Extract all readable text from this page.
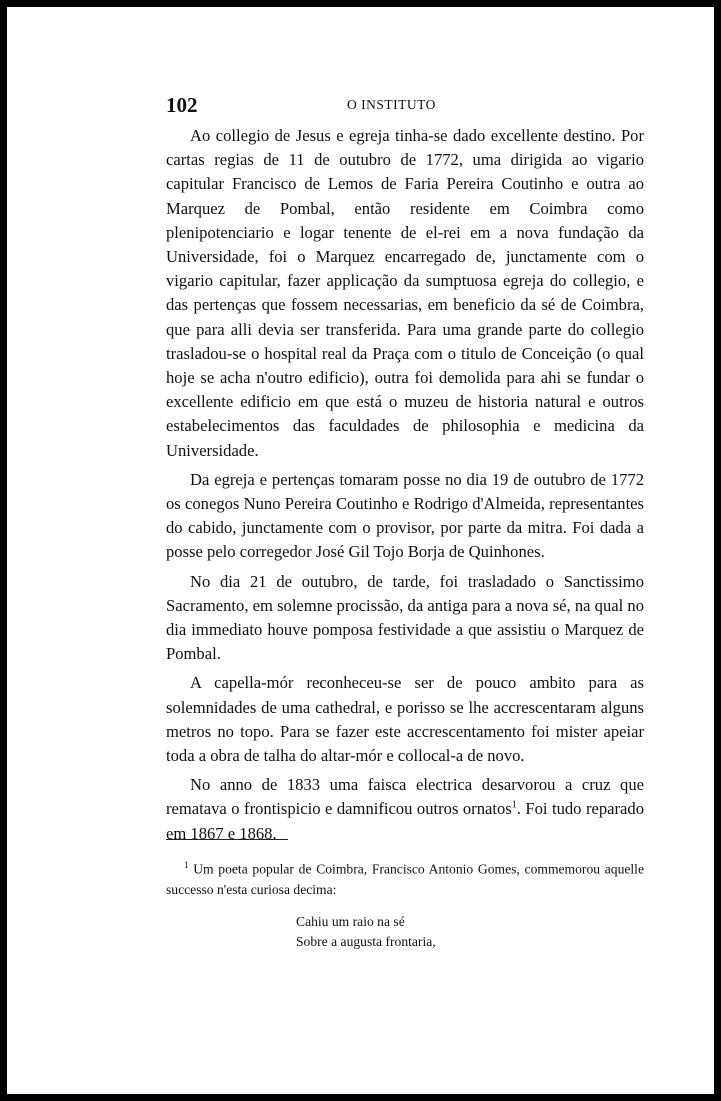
102	O INSTITUTO

Ao collegio de Jesus e egreja tinha-se dado excellente destino. Por cartas regias de 11 de outubro de 1772, uma dirigida ao vigario capitular Francisco de Lemos de Faria Pereira Coutinho e outra ao Marquez de Pombal, então residente em Coimbra como plenipotenciario e logar tenente de el-rei em a nova fundação da Universidade, foi o Marquez encarregado de, junctamente com o vigario capitular, fazer applicação da sumptuosa egreja do collegio, e das pertenças que fossem necessarias, em beneficio da sé de Coimbra, que para alli devia ser transferida. Para uma grande parte do collegio trasladou-se o hospital real da Praça com o titulo de Conceição (o qual hoje se acha n'outro edificio), outra foi demolida para ahi se fundar o excellente edificio em que está o muzeu de historia natural e outros estabelecimentos das faculdades de philosophia e medicina da Universidade.

Da egreja e pertenças tomaram posse no dia 19 de outubro de 1772 os conegos Nuno Pereira Coutinho e Rodrigo d'Almeida, representantes do cabido, junctamente com o provisor, por parte da mitra. Foi dada a posse pelo corregedor José Gil Tojo Borja de Quinhones.

No dia 21 de outubro, de tarde, foi trasladado o Sanctissimo Sacramento, em solemne procissão, da antiga para a nova sé, na qual no dia immediato houve pomposa festividade a que assistiu o Marquez de Pombal.

A capella-mór reconheceu-se ser de pouco ambito para as solemnidades de uma cathedral, e porisso se lhe accrescentaram alguns metros no topo. Para se fazer este accrescentamento foi mister apeiar toda a obra de talha do altar-mór e collocal-a de novo.

No anno de 1833 uma faisca electrica desarvorou a cruz que rematava o frontispicio e damnificou outros ornatos$^1$. Foi tudo reparado em 1867 e 1868.

$^1$ Um poeta popular de Coimbra, Francisco Antonio Gomes, commemorou aquelle successo n'esta curiosa decima:

Cahiu um raio na sé
Sobre a augusta frontaria,
